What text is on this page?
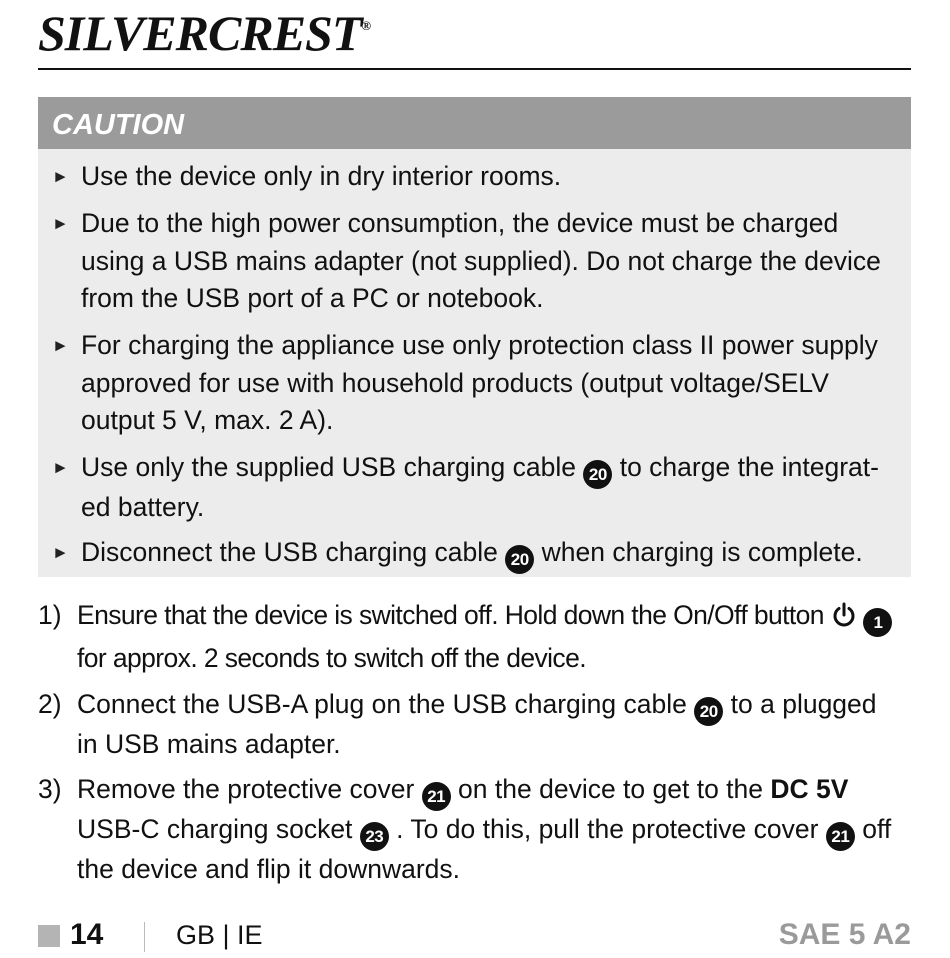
SILVERCREST®
CAUTION
► Use the device only in dry interior rooms.
► Due to the high power consumption, the device must be charged
using a USB mains adapter (not supplied). Do not charge the device
from the USB port of a PC or notebook.
► For charging the appliance use only protection class II power supply
approved for use with household products (output voltage/SELV
output 5 V, max. 2 A).
► Use only the supplied USB charging cable 20 to charge the integrat-
ed battery.
► Disconnect the USB charging cable 20 when charging is complete.
1) Ensure that the device is switched off. Hold down the On/Off button	1
for approx. 2 seconds to switch off the device.
2) Connect the USB-A plug on the USB charging cable 20 to a plugged
in USB mains adapter.
3) Remove the protective cover 21 on the device to get to the DC 5V
USB-C charging socket 23 . To do this, pull the protective cover 21 off
the device and flip it downwards.
14	GB | IE	SAE 5 A2
